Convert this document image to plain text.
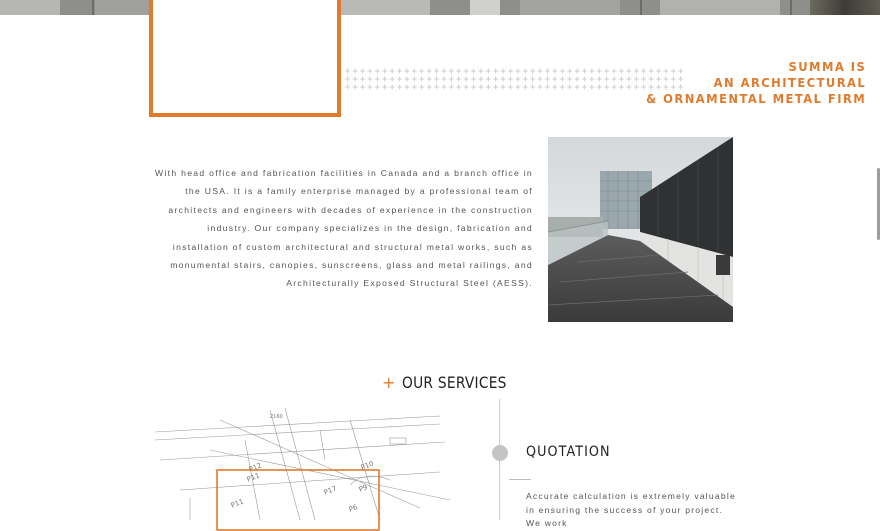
SUMMA IS
AN ARCHITECTURAL
& ORNAMENTAL METAL FIRM

With head office and fabrication facilities in Canada and a branch office in the USA. It is a family enterprise managed by a professional team of architects and engineers with decades of experience in the construction industry. Our company specializes in the design, fabrication and installation of custom architectural and structural metal works, such as monumental stairs, canopies, sunscreens, glass and metal railings, and Architecturally Exposed Structural Steel (AESS).

+ OUR SERVICES
P12
P11
P17	P9
P10
P11	P6
2160
QUOTATION

Accurate calculation is extremely valuable in ensuring the success of your project. We work
